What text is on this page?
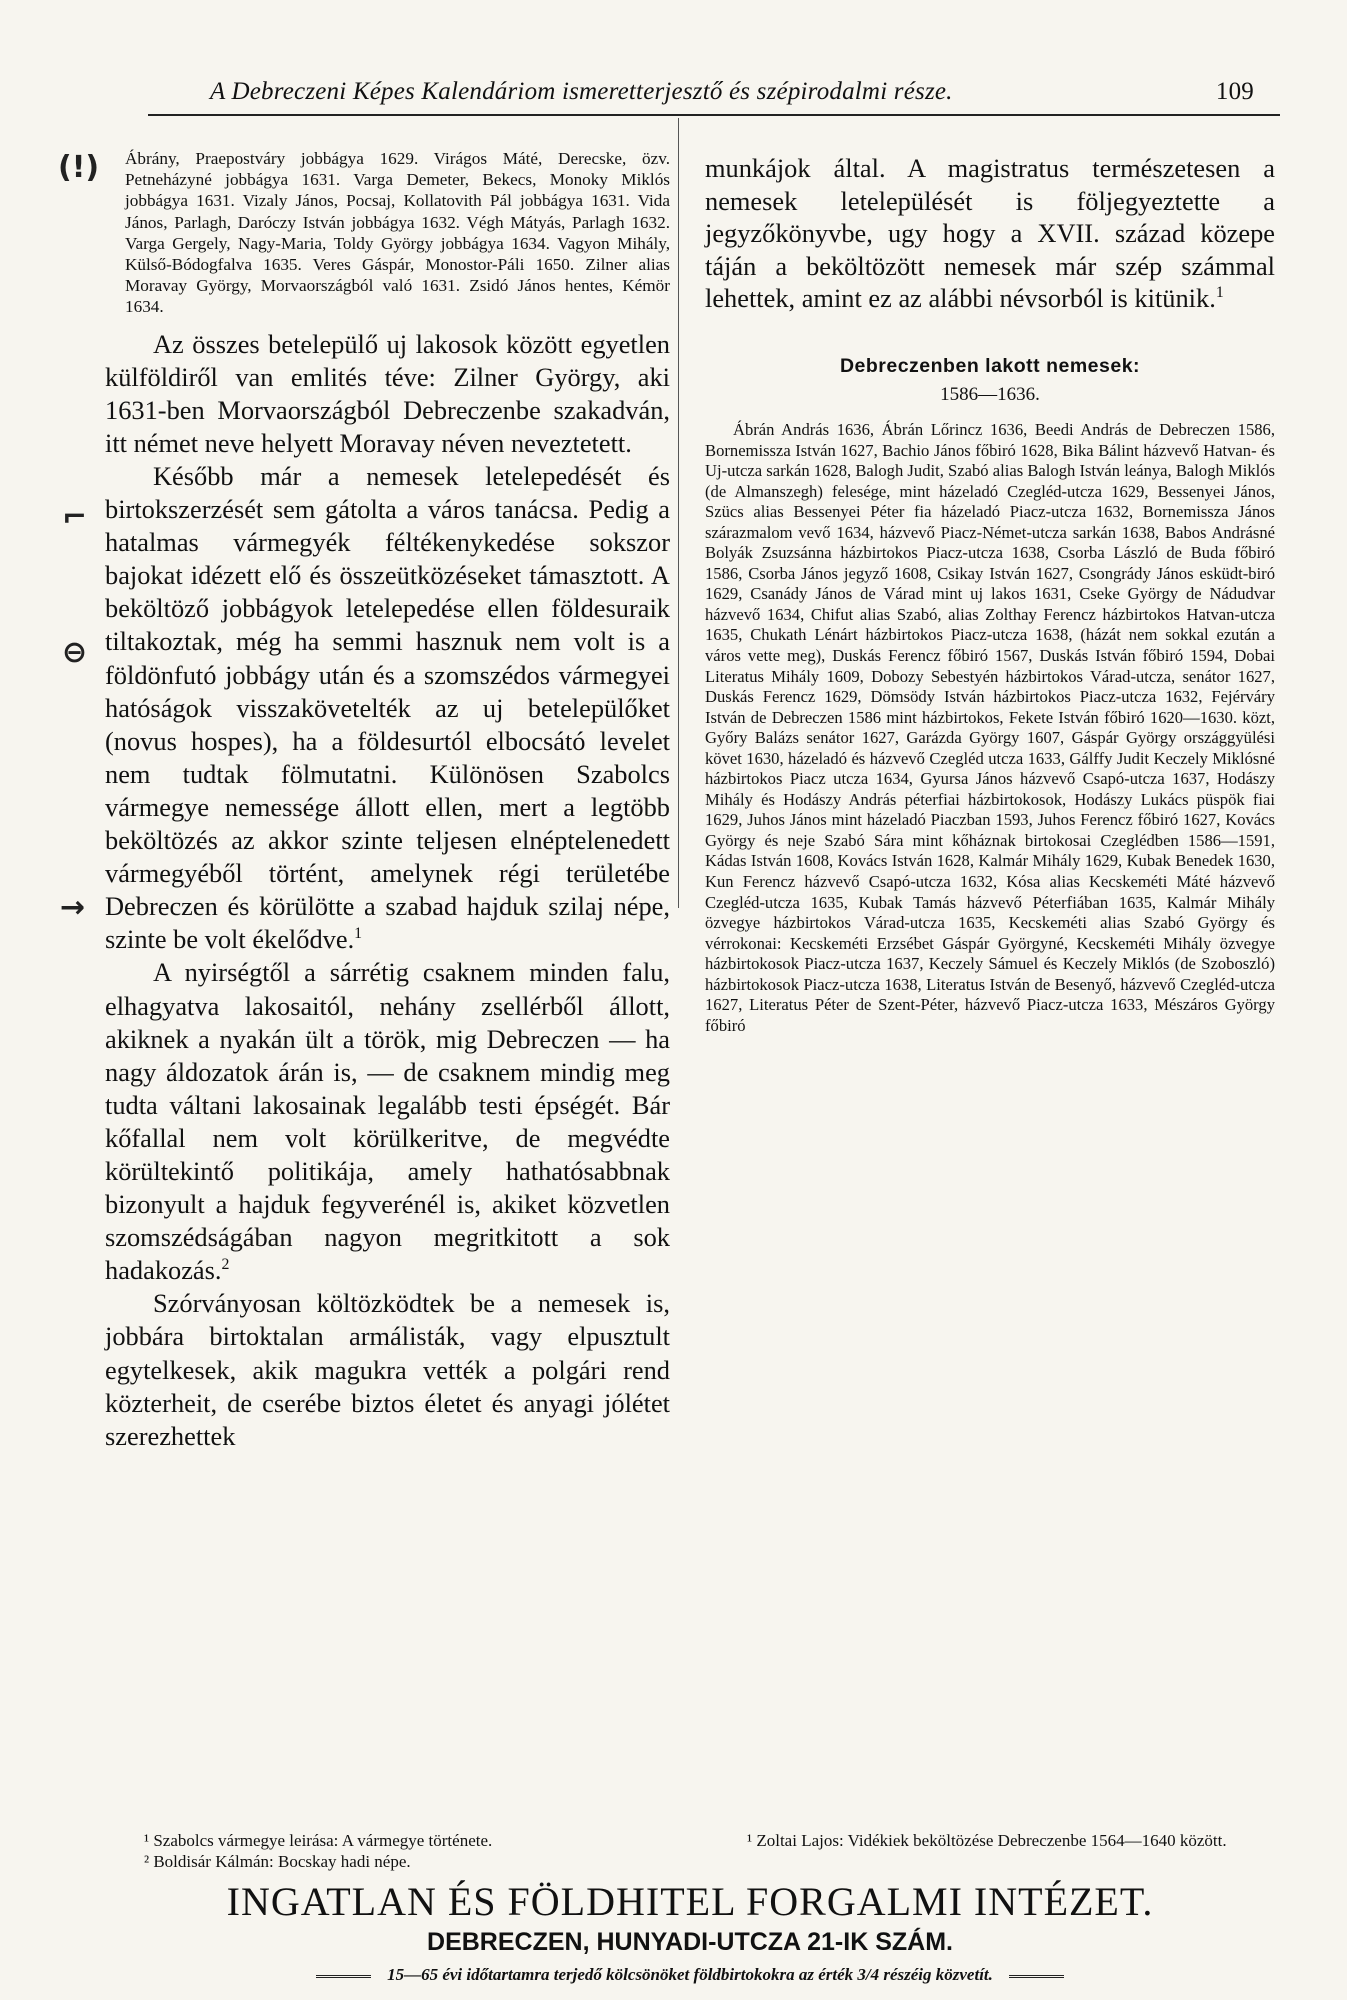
A Debreczeni Képes Kalendáriom ismeretterjesztő és szépirodalmi része.	109
(!)
⌐
⊖
→

Ábrány, Praepostváry jobbágya 1629. Virágos Máté, Derecske, özv. Petneházyné jobbágya 1631. Varga Demeter, Bekecs, Monoky Miklós jobbágya 1631. Vizaly János, Pocsaj, Kollatovith Pál jobbágya 1631. Vida János, Parlagh, Daróczy István jobbágya 1632. Végh Mátyás, Parlagh 1632. Varga Gergely, Nagy-Maria, Toldy György jobbágya 1634. Vagyon Mihály, Külső-Bódogfalva 1635. Veres Gáspár, Monostor-Páli 1650. Zilner alias Moravay György, Morvaországból való 1631. Zsidó János hentes, Kémör 1634.

Az összes betelepülő uj lakosok között egyetlen külföldiről van emlités téve: Zilner György, aki 1631-ben Morvaországból Debreczenbe szakadván, itt német neve helyett Moravay néven neveztetett.

Később már a nemesek letelepedését és birtokszerzését sem gátolta a város tanácsa. Pedig a hatalmas vármegyék féltékenykedése sokszor bajokat idézett elő és összeütközéseket támasztott. A beköltöző jobbágyok letelepedése ellen földesuraik tiltakoztak, még ha semmi hasznuk nem volt is a földönfutó jobbágy után és a szomszédos vármegyei hatóságok visszakövetelték az uj betelepülőket (novus hospes), ha a földesurtól elbocsátó levelet nem tudtak fölmutatni. Különösen Szabolcs vármegye nemessége állott ellen, mert a legtöbb beköltözés az akkor szinte teljesen elnéptelenedett vármegyéből történt, amelynek régi területébe Debreczen és körülötte a szabad hajduk szilaj népe, szinte be volt ékelődve.$^1$

A nyirségtől a sárrétig csaknem minden falu, elhagyatva lakosaitól, nehány zsellérből állott, akiknek a nyakán ült a török, mig Debreczen — ha nagy áldozatok árán is, — de csaknem mindig meg tudta váltani lakosainak legalább testi épségét. Bár kőfallal nem volt körülkeritve, de megvédte körültekintő politikája, amely hathatósabbnak bizonyult a hajduk fegyverénél is, akiket közvetlen szomszédságában nagyon megritkitott a sok hadakozás.$^2$

Szórványosan költözködtek be a nemesek is, jobbára birtoktalan armálisták, vagy elpusztult egytelkesek, akik magukra vették a polgári rend közterheit, de cserébe biztos életet és anyagi jólétet szerezhettek

munkájok által. A magistratus természetesen a nemesek letelepülését is följegyeztette a jegyzőkönyvbe, ugy hogy a XVII. század közepe táján a beköltözött nemesek már szép számmal lehettek, amint ez az alábbi névsorból is kitünik.$^1$

Debreczenben lakott nemesek:
1586—1636.

Ábrán András 1636, Ábrán Lőrincz 1636, Beedi András de Debreczen 1586, Bornemissza István 1627, Bachio János főbiró 1628, Bika Bálint házvevő Hatvan- és Uj-utcza sarkán 1628, Balogh Judit, Szabó alias Balogh István leánya, Balogh Miklós (de Almanszegh) felesége, mint házeladó Czegléd-utcza 1629, Bessenyei János, Szücs alias Bessenyei Péter fia házeladó Piacz-utcza 1632, Bornemissza János szárazmalom vevő 1634, házvevő Piacz-Német-utcza sarkán 1638, Babos Andrásné Bolyák Zsuzsánna házbirtokos Piacz-utcza 1638, Csorba László de Buda főbiró 1586, Csorba János jegyző 1608, Csikay István 1627, Csongrády János esküdt-biró 1629, Csanády János de Várad mint uj lakos 1631, Cseke György de Nádudvar házvevő 1634, Chifut alias Szabó, alias Zolthay Ferencz házbirtokos Hatvan-utcza 1635, Chukath Lénárt házbirtokos Piacz-utcza 1638, (házát nem sokkal ezután a város vette meg), Duskás Ferencz főbiró 1567, Duskás István főbiró 1594, Dobai Literatus Mihály 1609, Dobozy Sebestyén házbirtokos Várad-utcza, senátor 1627, Duskás Ferencz 1629, Dömsödy István házbirtokos Piacz-utcza 1632, Fejérváry István de Debreczen 1586 mint házbirtokos, Fekete István főbiró 1620—1630. közt, Győry Balázs senátor 1627, Garázda György 1607, Gáspár György országgyülési követ 1630, házeladó és házvevő Czegléd utcza 1633, Gálffy Judit Keczely Miklósné házbirtokos Piacz utcza 1634, Gyursa János házvevő Csapó-utcza 1637, Hodászy Mihály és Hodászy András péterfiai házbirtokosok, Hodászy Lukács püspök fiai 1629, Juhos János mint házeladó Piaczban 1593, Juhos Ferencz főbiró 1627, Kovács György és neje Szabó Sára mint kőháznak birtokosai Czeglédben 1586—1591, Kádas István 1608, Kovács István 1628, Kalmár Mihály 1629, Kubak Benedek 1630, Kun Ferencz házvevő Csapó-utcza 1632, Kósa alias Kecskeméti Máté házvevő Czegléd-utcza 1635, Kubak Tamás házvevő Péterfiában 1635, Kalmár Mihály özvegye házbirtokos Várad-utcza 1635, Kecskeméti alias Szabó György és vérrokonai: Kecskeméti Erzsébet Gáspár Györgyné, Kecskeméti Mihály özvegye házbirtokosok Piacz-utcza 1637, Keczely Sámuel és Keczely Miklós (de Szoboszló) házbirtokosok Piacz-utcza 1638, Literatus István de Besenyő, házvevő Czegléd-utcza 1627, Literatus Péter de Szent-Péter, házvevő Piacz-utcza 1633, Mészáros György főbiró

¹ Szabolcs vármegye leirása: A vármegye története.

² Boldisár Kálmán: Bocskay hadi népe.

¹ Zoltai Lajos: Vidékiek beköltözése Debreczenbe 1564—1640 között.

INGATLAN ÉS FÖLDHITEL FORGALMI INTÉZET.
DEBRECZEN, HUNYADI-UTCZA 21-IK SZÁM.
15—65 évi időtartamra terjedő kölcsönöket földbirtokokra az érték 3/4 részéig közvetít.
